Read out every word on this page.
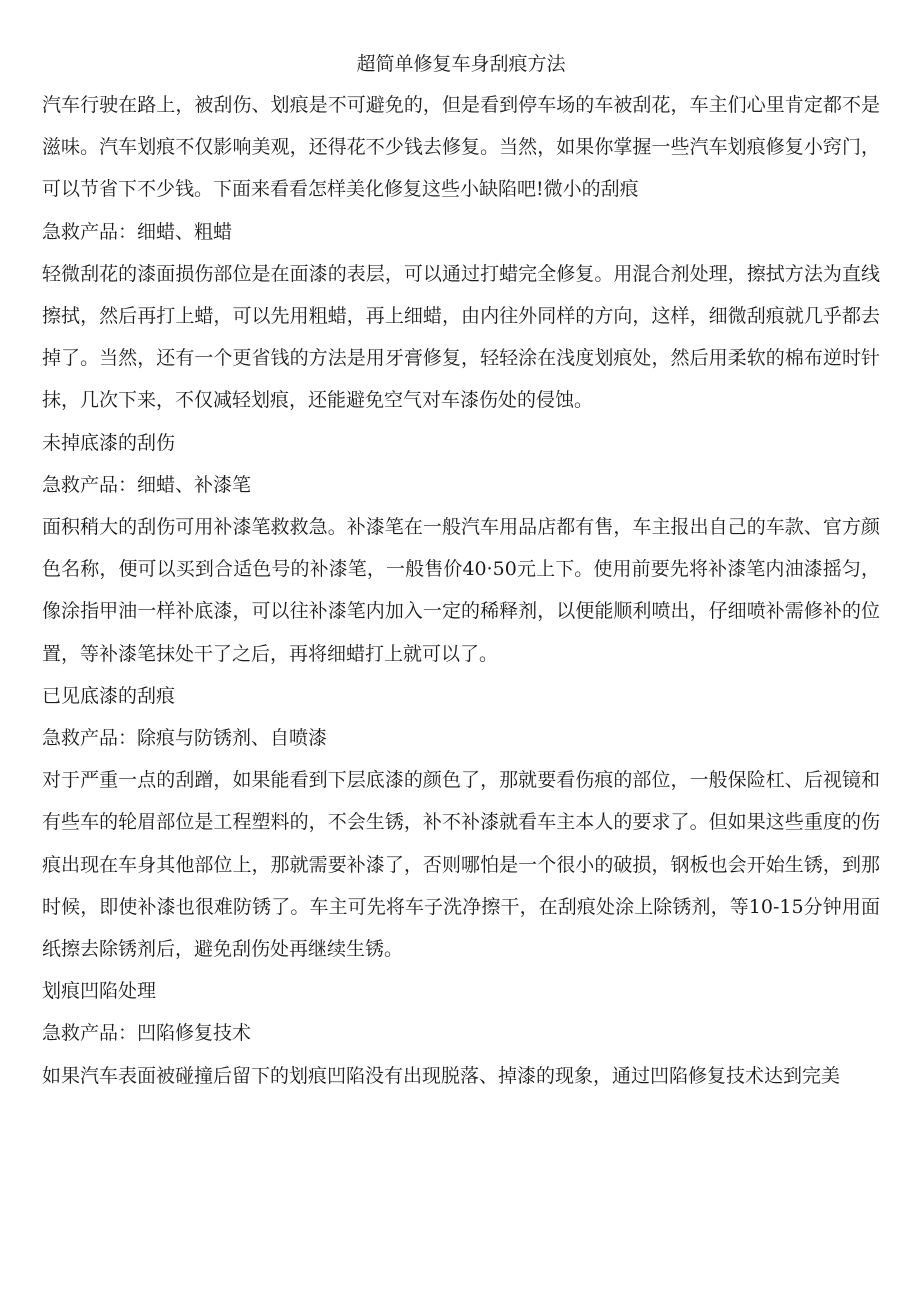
超简单修复车身刮痕方法
汽车行驶在路上，被刮伤、划痕是不可避免的，但是看到停车场的车被刮花，车主们心里肯定都不是滋味。汽车划痕不仅影响美观，还得花不少钱去修复。当然，如果你掌握一些汽车划痕修复小窍门，可以节省下不少钱。下面来看看怎样美化修复这些小缺陷吧!微小的刮痕
急救产品：细蜡、粗蜡
轻微刮花的漆面损伤部位是在面漆的表层，可以通过打蜡完全修复。用混合剂处理，擦拭方法为直线擦拭，然后再打上蜡，可以先用粗蜡，再上细蜡，由内往外同样的方向，这样，细微刮痕就几乎都去掉了。当然，还有一个更省钱的方法是用牙膏修复，轻轻涂在浅度划痕处，然后用柔软的棉布逆时针抹，几次下来，不仅减轻划痕，还能避免空气对车漆伤处的侵蚀。
未掉底漆的刮伤
急救产品：细蜡、补漆笔
面积稍大的刮伤可用补漆笔救救急。补漆笔在一般汽车用品店都有售，车主报出自己的车款、官方颜色名称，便可以买到合适色号的补漆笔，一般售价40·50元上下。使用前要先将补漆笔内油漆摇匀，像涂指甲油一样补底漆，可以往补漆笔内加入一定的稀释剂，以便能顺利喷出，仔细喷补需修补的位置，等补漆笔抹处干了之后，再将细蜡打上就可以了。
已见底漆的刮痕
急救产品：除痕与防锈剂、自喷漆
对于严重一点的刮蹭，如果能看到下层底漆的颜色了，那就要看伤痕的部位，一般保险杠、后视镜和有些车的轮眉部位是工程塑料的，不会生锈，补不补漆就看车主本人的要求了。但如果这些重度的伤痕出现在车身其他部位上，那就需要补漆了，否则哪怕是一个很小的破损，钢板也会开始生锈，到那时候，即使补漆也很难防锈了。车主可先将车子洗净擦干，在刮痕处涂上除锈剂，等10-15分钟用面纸擦去除锈剂后，避免刮伤处再继续生锈。
划痕凹陷处理
急救产品：凹陷修复技术
如果汽车表面被碰撞后留下的划痕凹陷没有出现脱落、掉漆的现象，通过凹陷修复技术达到完美
